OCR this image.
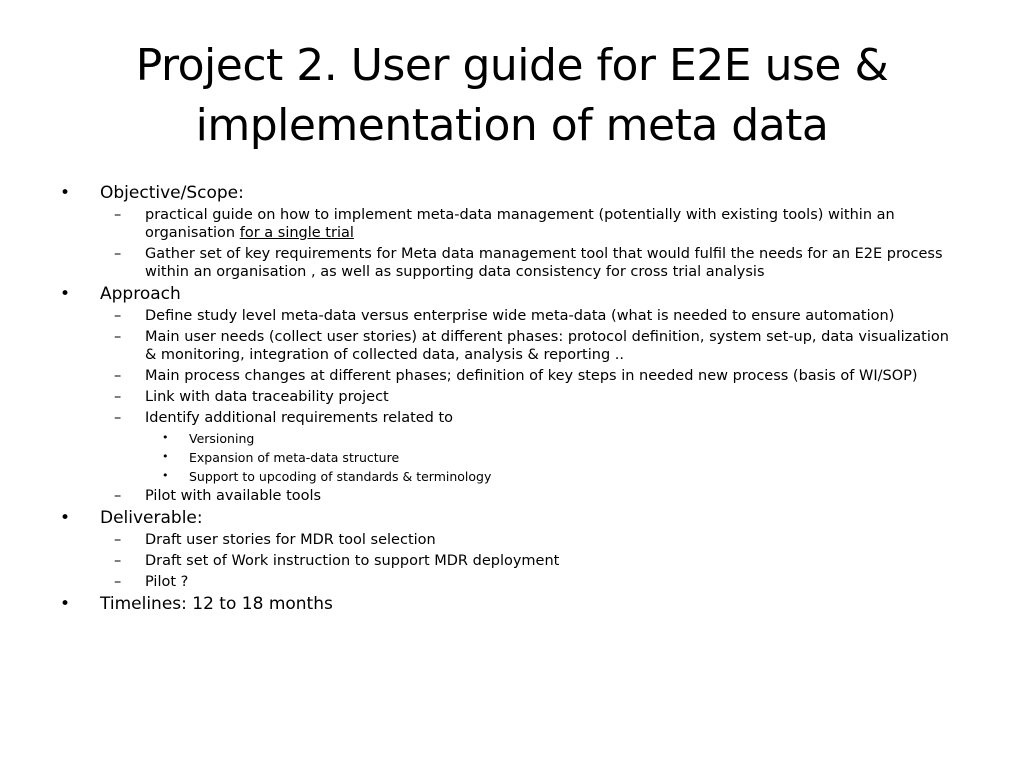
Project 2. User guide for E2E use &
implementation of meta data
• Objective/Scope:
– practical guide on how to implement meta-data management (potentially with existing tools) within an organisation for a single trial
– Gather set of key requirements for Meta data management tool that would fulfil the needs for an E2E process within an organisation , as well as supporting data consistency for cross trial analysis
• Approach
– Define study level meta-data versus enterprise wide meta-data (what is needed to ensure automation)
– Main user needs (collect user stories) at different phases: protocol definition, system set-up, data visualization & monitoring, integration of collected data, analysis & reporting ..
– Main process changes at different phases; definition of key steps in needed new process (basis of WI/SOP)
– Link with data traceability project
– Identify additional requirements related to
• Versioning
• Expansion of meta-data structure
• Support to upcoding of standards & terminology
– Pilot with available tools
• Deliverable:
– Draft user stories for MDR tool selection
– Draft set of Work instruction to support MDR deployment
– Pilot ?
• Timelines: 12 to 18 months
